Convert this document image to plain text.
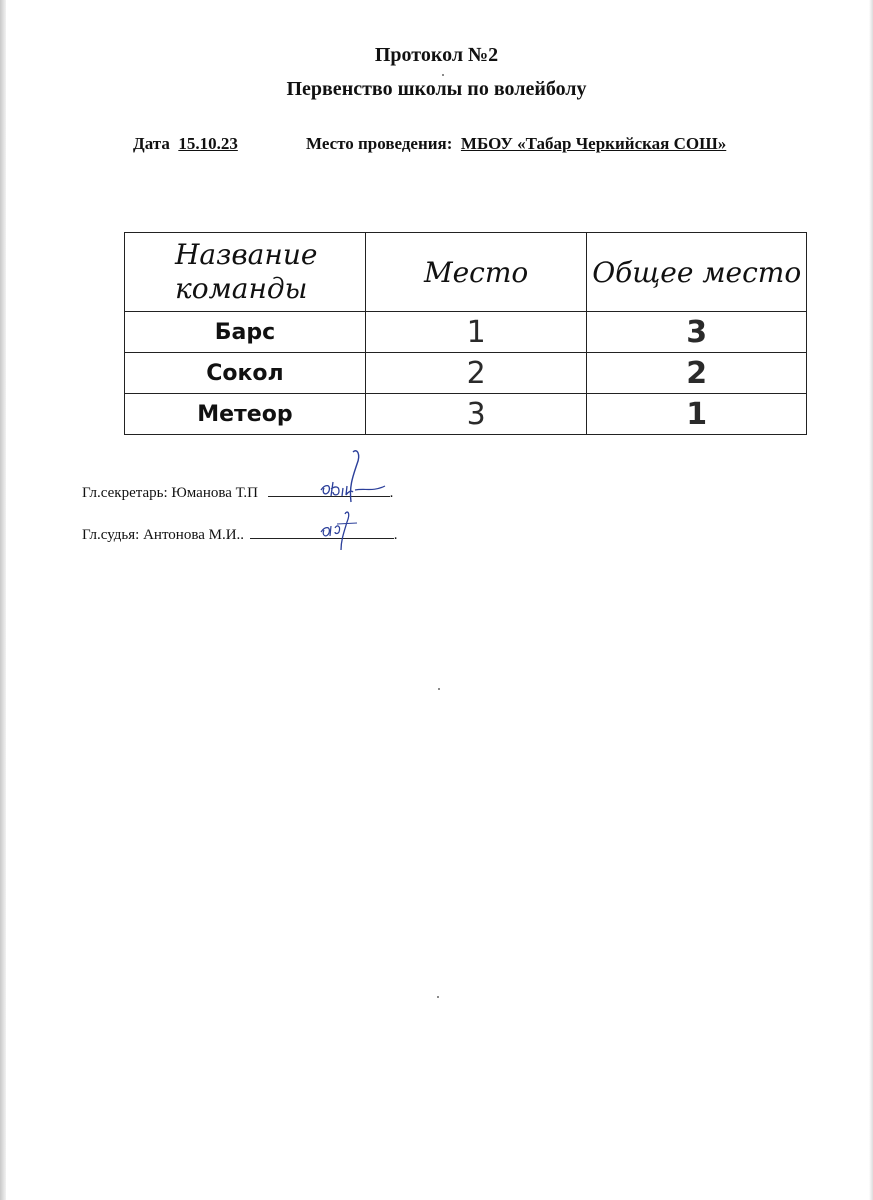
Протокол №2
Первенство школы по волейболу
Дата 15.10.23	Место проведения: МБОУ «Табар Черкийская СОШ»
Название команды	Место	Общее место
Барс	1	3
Сокол	2	2
Метеор	3	1
Гл.секретарь: Юманова Т.П	.
Гл.судья: Антонова М.И..	.
